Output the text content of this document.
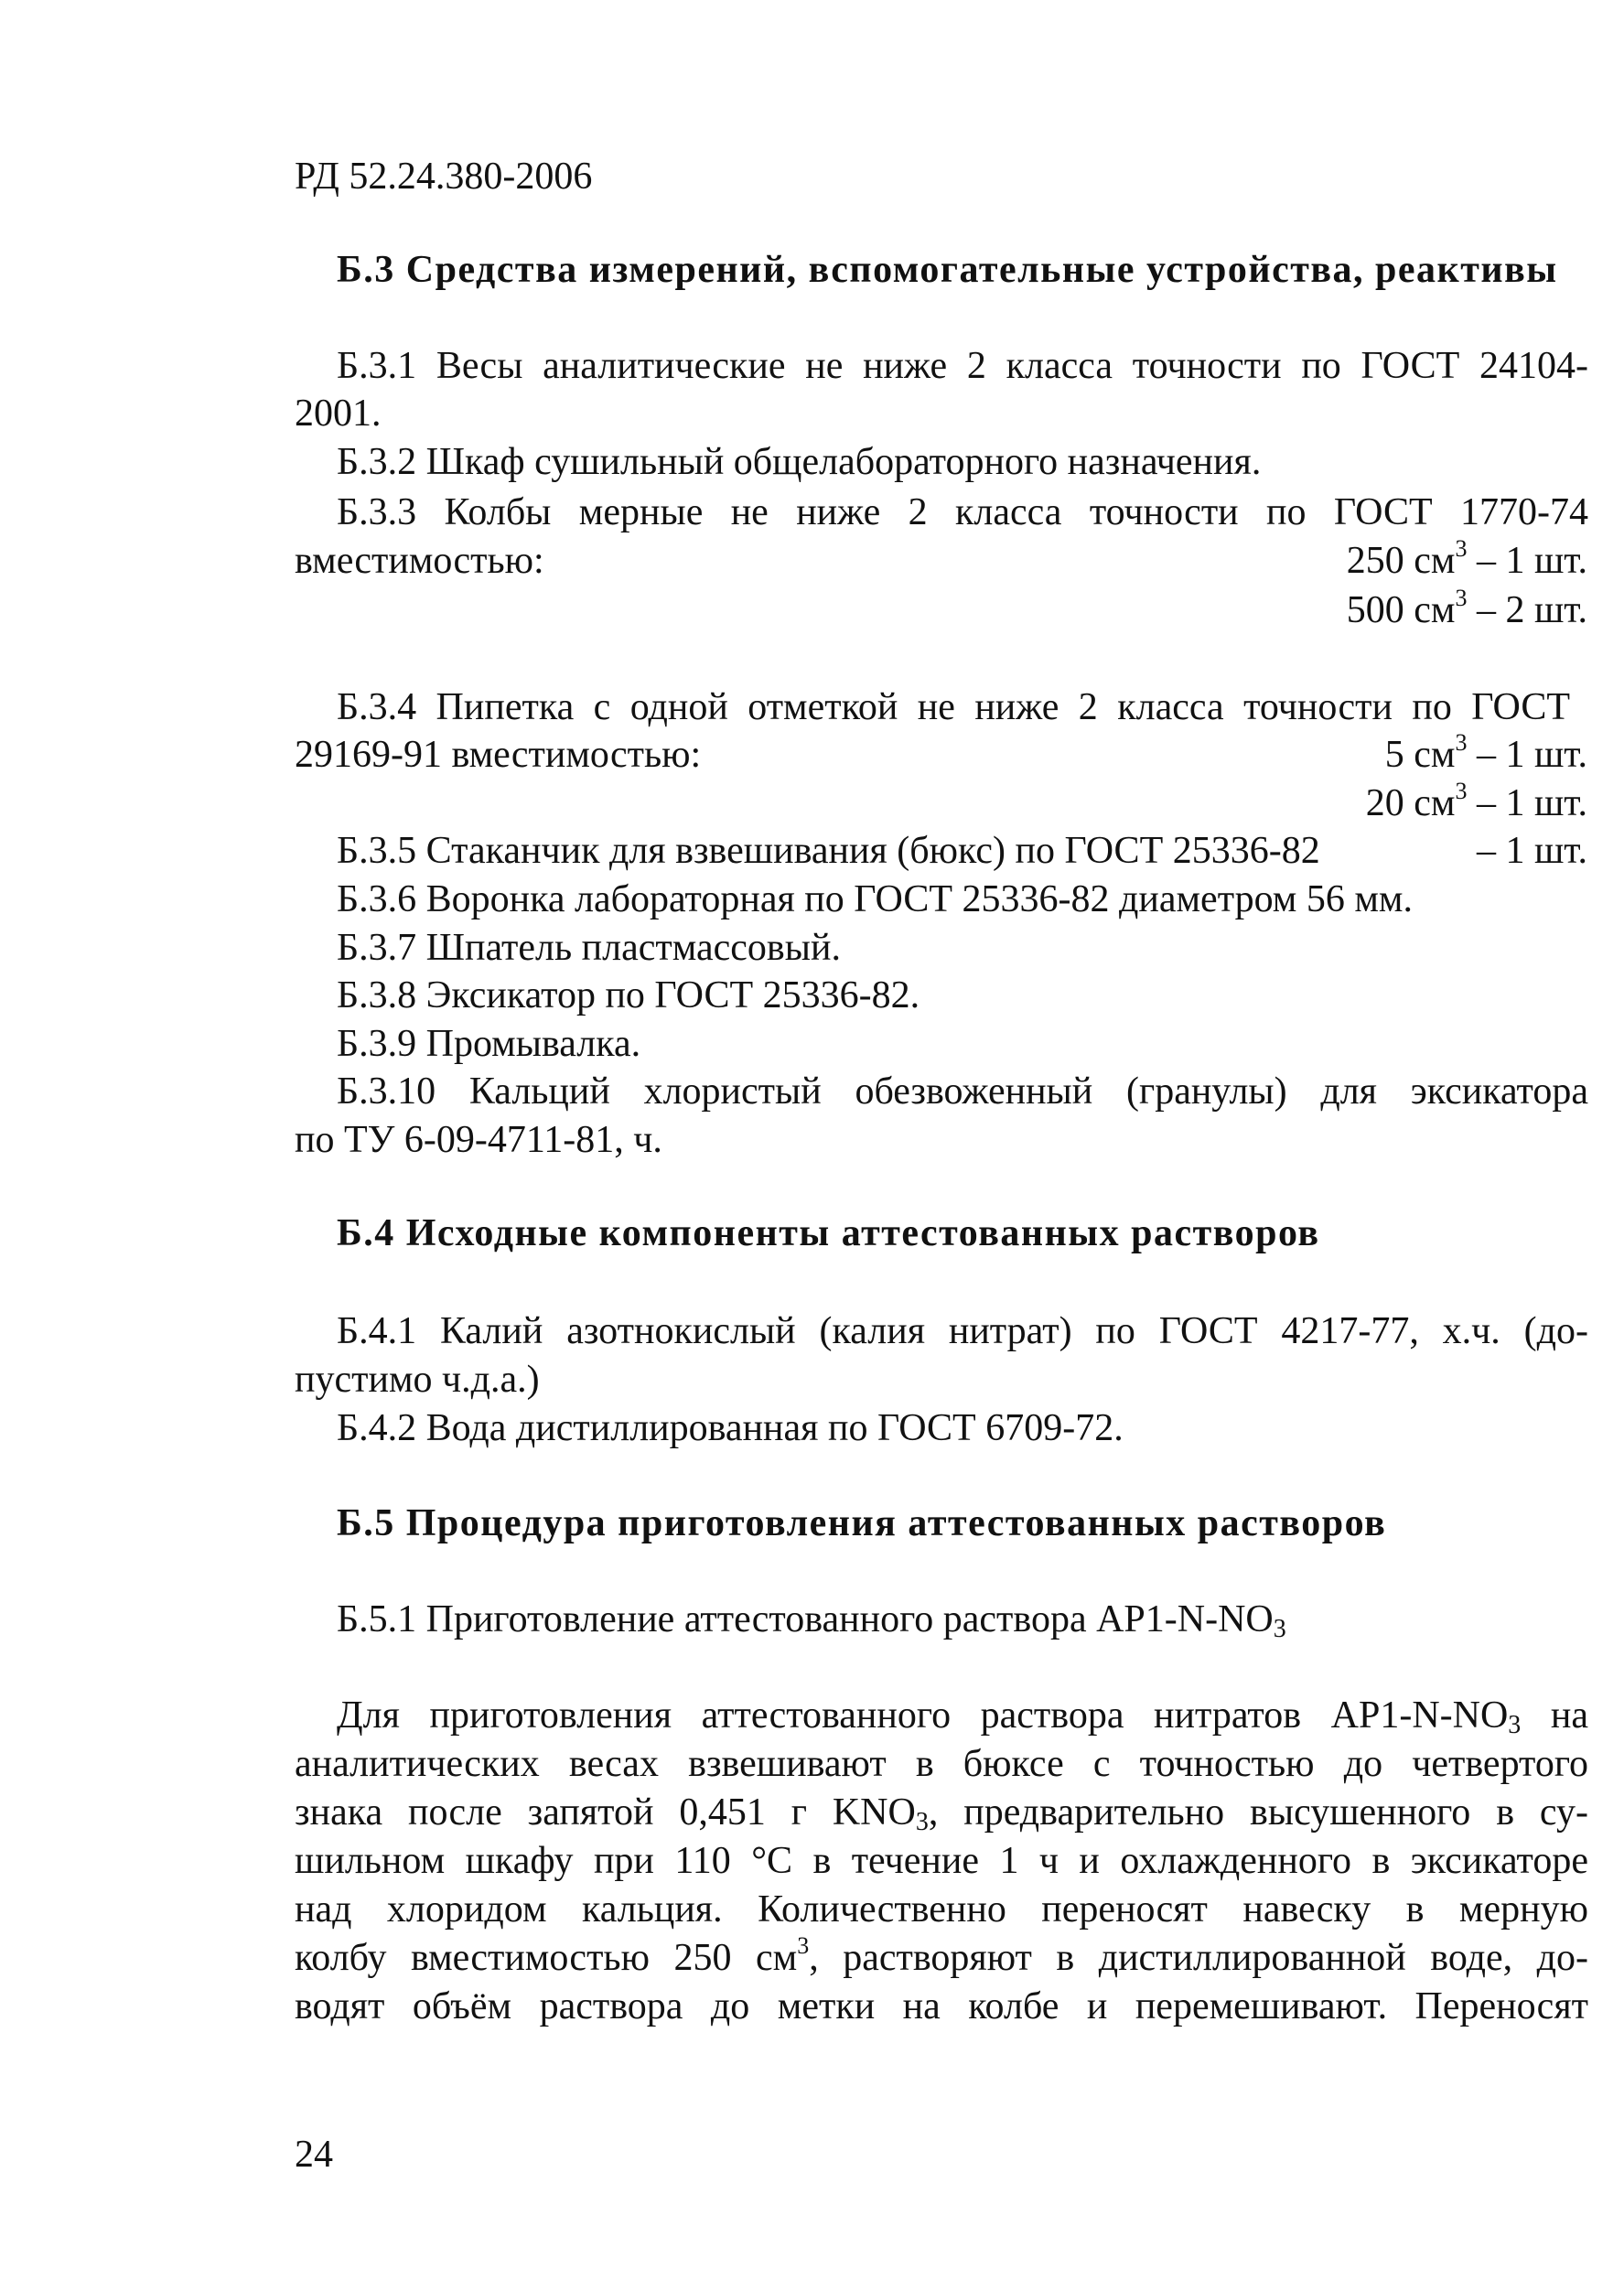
РД 52.24.380-2006
Б.3 Средства измерений, вспомогательные устройства, реактивы
Б.3.1 Весы аналитические не ниже 2 класса точности по ГОСТ 24104-
2001.
Б.3.2 Шкаф сушильный общелабораторного назначения.
Б.3.3 Колбы мерные не ниже 2 класса точности по ГОСТ 1770-74
вместимостью:	250 $см^3 - 1$ шт.
500 $см^3 - 2$ шт.
Б.3.4 Пипетка с одной отметкой не ниже 2 класса точности по ГОСТ
29169-91 вместимостью:	5 $см^3 - 1$ шт.
20 $см^3 - 1$ шт.
Б.3.5 Стаканчик для взвешивания (бюкс) по ГОСТ 25336-82	– 1 шт.
Б.3.6 Воронка лабораторная по ГОСТ 25336-82 диаметром 56 мм.
Б.3.7 Шпатель пластмассовый.
Б.3.8 Эксикатор по ГОСТ 25336-82.
Б.3.9 Промывалка.
Б.3.10 Кальций хлористый обезвоженный (гранулы) для эксикатора
по ТУ 6-09-4711-81, ч.
Б.4 Исходные компоненты аттестованных растворов
Б.4.1 Калий азотнокислый (калия нитрат) по ГОСТ 4217-77, х.ч. (до-
пустимо ч.д.а.)
Б.4.2 Вода дистиллированная по ГОСТ 6709-72.
Б.5 Процедура приготовления аттестованных растворов
Б.5.1 Приготовление аттестованного раствора $АР1-N-NO_3$
Для приготовления аттестованного раствора нитратов $АР1-N-NO_3$ на
аналитических весах взвешивают в бюксе с точностью до четвертого
знака после запятой 0,451 г $KNO_3$, предварительно высушенного в су-
шильном шкафу при 110 °С в течение 1 ч и охлажденного в эксикаторе
над хлоридом кальция. Количественно переносят навеску в мерную
колбу вместимостью 250 $см^3$, растворяют в дистиллированной воде, до-
водят объём раствора до метки на колбе и перемешивают. Переносят
24
